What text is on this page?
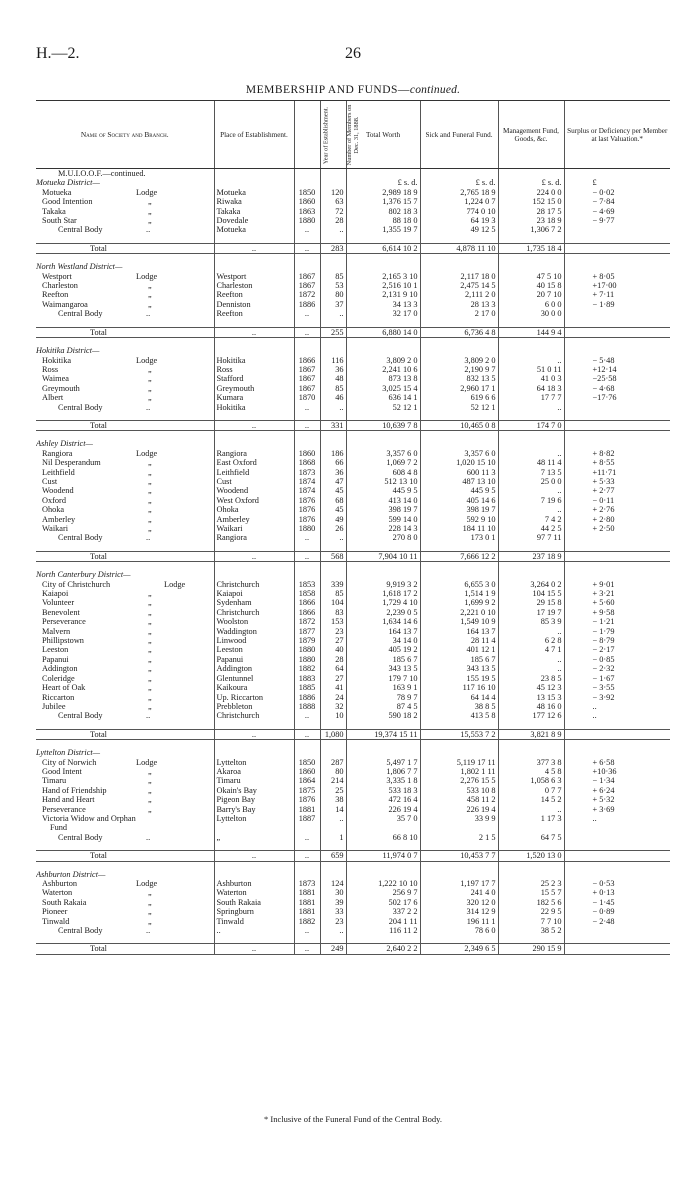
H.—2.	26
MEMBERSHIP AND FUNDS—continued.
Name of Society and Branch.	Place of Establishment.	Year of Establishment.	Number of Members on Dec. 31, 1888.	Total Worth	Sick and Funeral Fund.	Management Fund, Goods, &c.	Surplus or Deficiency per Member at last Valuation.*
M.U.I.O.O.F.—continued.							
Motueka District—				£ s. d.	£ s. d.	£ s. d.	£
Motueka Lodge	Motueka	1850	120	2,989 18 9	2,765 18 9	224 0 0	− 0·02
Good Intention „	Riwaka	1860	63	1,376 15 7	1,224 0 7	152 15 0	− 7·84
Takaka „	Takaka	1863	72	802 18 3	774 0 10	28 17 5	− 4·69
South Star „	Dovedale	1880	28	88 18 0	64 19 3	23 18 9	− 9·77
Central Body ..	Motueka	..	..	1,355 19 7	49 12 5	1,306 7 2	

Total	..	..	283	6,614 10 2	4,878 11 10	1,735 18 4	

North Westland District—							
Westport Lodge	Westport	1867	85	2,165 3 10	2,117 18 0	47 5 10	+ 8·05
Charleston „	Charleston	1867	53	2,516 10 1	2,475 14 5	40 15 8	+17·00
Reefton „	Reefton	1872	80	2,131 9 10	2,111 2 0	20 7 10	+ 7·11
Waimangaroa „	Denniston	1886	37	34 13 3	28 13 3	6 0 0	− 1·89
Central Body ..	Reefton	..	..	32 17 0	2 17 0	30 0 0	

Total	..	..	255	6,880 14 0	6,736 4 8	144 9 4	

Hokitika District—							
Hokitika Lodge	Hokitika	1866	116	3,809 2 0	3,809 2 0	..	− 5·48
Ross „	Ross	1867	36	2,241 10 6	2,190 9 7	51 0 11	+12·14
Waimea „	Stafford	1867	48	873 13 8	832 13 5	41 0 3	−25·58
Greymouth „	Greymouth	1867	85	3,025 15 4	2,960 17 1	64 18 3	− 4·68
Albert „	Kumara	1870	46	636 14 1	619 6 6	17 7 7	−17·76
Central Body ..	Hokitika	..	..	52 12 1	52 12 1	..	

Total	..	..	331	10,639 7 8	10,465 0 8	174 7 0	

Ashley District—							
Rangiora Lodge	Rangiora	1860	186	3,357 6 0	3,357 6 0	..	+ 8·82
Nil Desperandum „	East Oxford	1868	66	1,069 7 2	1,020 15 10	48 11 4	+ 8·55
Leithfield „	Leithfield	1873	36	608 4 8	600 11 3	7 13 5	+11·71
Cust „	Cust	1874	47	512 13 10	487 13 10	25 0 0	+ 5·33
Woodend „	Woodend	1874	45	445 9 5	445 9 5	..	+ 2·77
Oxford „	West Oxford	1876	68	413 14 0	405 14 6	7 19 6	− 0·11
Ohoka „	Ohoka	1876	45	398 19 7	398 19 7	..	+ 2·76
Amberley „	Amberley	1876	49	599 14 0	592 9 10	7 4 2	+ 2·80
Waikari „	Waikari	1880	26	228 14 3	184 11 10	44 2 5	+ 2·50
Central Body ..	Rangiora	..	..	270 8 0	173 0 1	97 7 11	

Total	..	..	568	7,904 10 11	7,666 12 2	237 18 9	

North Canterbury District—							
City of Christchurch Lodge	Christchurch	1853	339	9,919 3 2	6,655 3 0	3,264 0 2	+ 9·01
Kaiapoi „	Kaiapoi	1858	85	1,618 17 2	1,514 1 9	104 15 5	+ 3·21
Volunteer „	Sydenham	1866	104	1,729 4 10	1,699 9 2	29 15 8	+ 5·60
Benevolent „	Christchurch	1866	83	2,239 0 5	2,221 0 10	17 19 7	+ 9·58
Perseverance „	Woolston	1872	153	1,634 14 6	1,549 10 9	85 3 9	− 1·21
Malvern „	Waddington	1877	23	164 13 7	164 13 7	..	− 1·79
Phillipstown „	Linwood	1879	27	34 14 0	28 11 4	6 2 8	− 8·79
Leeston „	Leeston	1880	40	405 19 2	401 12 1	4 7 1	− 2·17
Papanui „	Papanui	1880	28	185 6 7	185 6 7	..	− 0·85
Addington „	Addington	1882	64	343 13 5	343 13 5	..	− 2·32
Coleridge „	Glentunnel	1883	27	179 7 10	155 19 5	23 8 5	− 1·67
Heart of Oak „	Kaikoura	1885	41	163 9 1	117 16 10	45 12 3	− 3·55
Riccarton „	Up. Riccarton	1886	24	78 9 7	64 14 4	13 15 3	− 3·92
Jubilee „	Prebbleton	1888	32	87 4 5	38 8 5	48 16 0	..
Central Body ..	Christchurch	..	10	590 18 2	413 5 8	177 12 6	..

Total	..	..	1,080	19,374 15 11	15,553 7 2	3,821 8 9	

Lyttelton District—							
City of Norwich Lodge	Lyttelton	1850	287	5,497 1 7	5,119 17 11	377 3 8	+ 6·58
Good Intent „	Akaroa	1860	80	1,806 7 7	1,802 1 11	4 5 8	+10·36
Timaru „	Timaru	1864	214	3,335 1 8	2,276 15 5	1,058 6 3	− 1·34
Hand of Friendship „	Okain's Bay	1875	25	533 18 3	533 10 8	0 7 7	+ 6·24
Hand and Heart „	Pigeon Bay	1876	38	472 16 4	458 11 2	14 5 2	+ 5·32
Perseverance „	Barry's Bay	1881	14	226 19 4	226 19 4	..	+ 3·69
Victoria Widow and Orphan	Lyttelton	1887	..	35 7 0	33 9 9	1 17 3	..
Fund

Central Body ..	„	..	1	66 8 10	2 1 5	64 7 5	

Total	..	..	659	11,974 0 7	10,453 7 7	1,520 13 0	

Ashburton District—							
Ashburton Lodge	Ashburton	1873	124	1,222 10 10	1,197 17 7	25 2 3	− 0·53
Waterton „	Waterton	1881	30	256 9 7	241 4 0	15 5 7	+ 0·13
South Rakaia „	South Rakaia	1881	39	502 17 6	320 12 0	182 5 6	− 1·45
Pioneer „	Springburn	1881	33	337 2 2	314 12 9	22 9 5	− 0·89
Tinwald „	Tinwald	1882	23	204 1 11	196 11 1	7 7 10	− 2·48
Central Body ..	..	..	..	116 11 2	78 6 0	38 5 2	

Total	..	..	249	2,640 2 2	2,349 6 5	290 15 9	
* Inclusive of the Funeral Fund of the Central Body.
